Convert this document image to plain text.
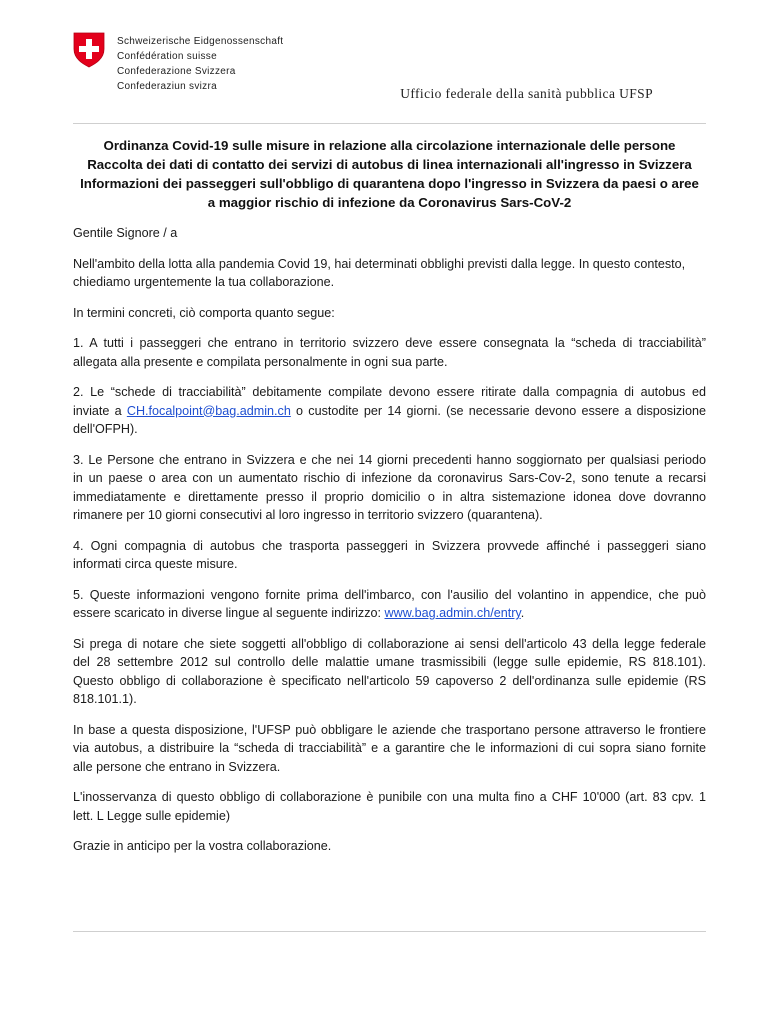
Schweizerische Eidgenossenschaft
Confédération suisse
Confederazione Svizzera
Confederaziun svizra	Ufficio federale della sanità pubblica UFSP
Ordinanza Covid-19 sulle misure in relazione alla circolazione internazionale delle persone
Raccolta dei dati di contatto dei servizi di autobus di linea internazionali all'ingresso in Svizzera
Informazioni dei passeggeri sull'obbligo di quarantena dopo l'ingresso in Svizzera da paesi o aree
a maggior rischio di infezione da Coronavirus Sars-CoV-2
Gentile Signore / a
Nell'ambito della lotta alla pandemia Covid 19, hai determinati obblighi previsti dalla legge. In questo contesto,
chiediamo urgentemente la tua collaborazione.
In termini concreti, ciò comporta quanto segue:
1. A tutti i passeggeri che entrano in territorio svizzero deve essere consegnata la “scheda di tracciabilità”
allegata alla presente e compilata personalmente in ogni sua parte.
2. Le “schede di tracciabilità” debitamente compilate devono essere ritirate dalla compagnia di autobus ed
inviate a CH.focalpoint@bag.admin.ch o custodite per 14 giorni. (se necessarie devono essere a disposizione
dell'OFPH).
3. Le Persone che entrano in Svizzera e che nei 14 giorni precedenti hanno soggiornato per qualsiasi periodo
in un paese o area con un aumentato rischio di infezione da coronavirus Sars-Cov-2, sono tenute a recarsi
immediatamente e direttamente presso il proprio domicilio o in altra sistemazione idonea dove dovranno
rimanere per 10 giorni consecutivi al loro ingresso in territorio svizzero (quarantena).
4. Ogni compagnia di autobus che trasporta passeggeri in Svizzera provvede affinché i passeggeri siano
informati circa queste misure.
5. Queste informazioni vengono fornite prima dell'imbarco, con l'ausilio del volantino in appendice, che può
essere scaricato in diverse lingue al seguente indirizzo: www.bag.admin.ch/entry.
Si prega di notare che siete soggetti all'obbligo di collaborazione ai sensi dell'articolo 43 della legge federale
del 28 settembre 2012 sul controllo delle malattie umane trasmissibili (legge sulle epidemie, RS 818.101).
Questo obbligo di collaborazione è specificato nell'articolo 59 capoverso 2 dell'ordinanza sulle epidemie (RS
818.101.1).
In base a questa disposizione, l'UFSP può obbligare le aziende che trasportano persone attraverso le frontiere
via autobus, a distribuire la “scheda di tracciabilità” e a garantire che le informazioni di cui sopra siano fornite
alle persone che entrano in Svizzera.
L'inosservanza di questo obbligo di collaborazione è punibile con una multa fino a CHF 10'000 (art. 83 cpv. 1
lett. L Legge sulle epidemie)
Grazie in anticipo per la vostra collaborazione.
